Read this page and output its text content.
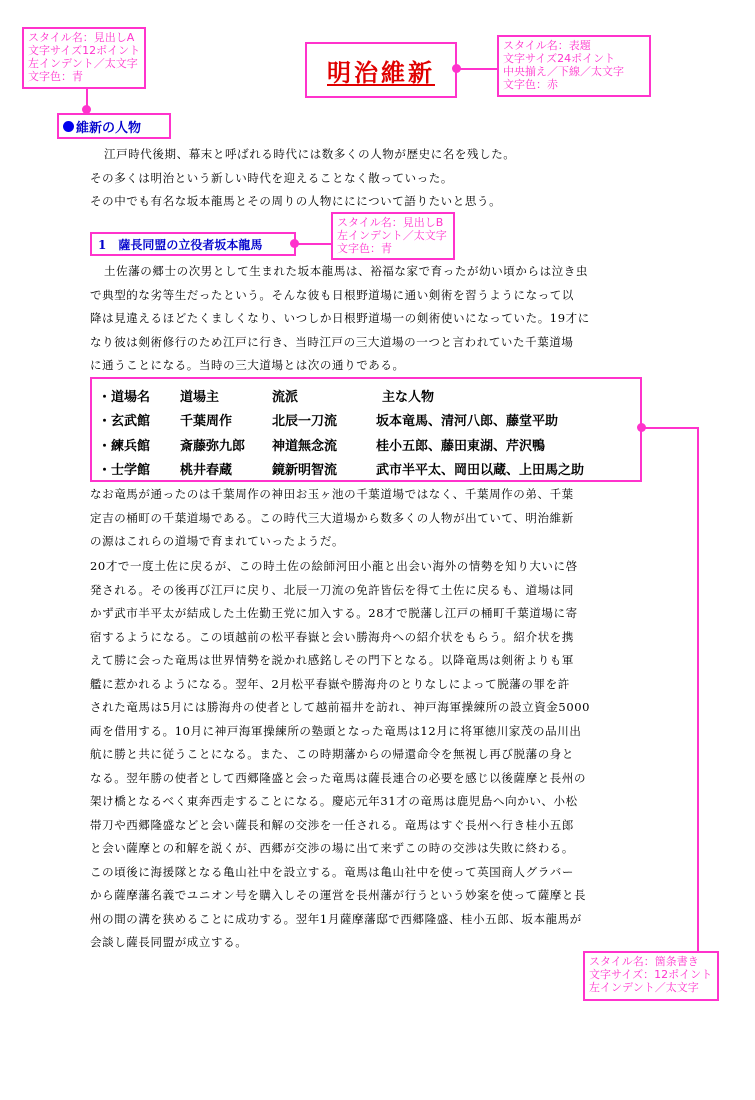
スタイル名：見出しA
文字サイズ12ポイント
左インデント／太文字
文字色：青	明治維新
スタイル名：表題
文字サイズ24ポイント
中央揃え／下線／太文字
文字色：赤
維新の人物
江戸時代後期、幕末と呼ばれる時代には数多くの人物が歴史に名を残した。
その多くは明治という新しい時代を迎えることなく散っていった。
その中でも有名な坂本龍馬とその周りの人物ににについて語りたいと思う。
1　薩長同盟の立役者坂本龍馬
スタイル名：見出しB
左インデント／太文字
文字色：青
土佐藩の郷士の次男として生まれた坂本龍馬は、裕福な家で育ったが幼い頃からは泣き虫
で典型的な劣等生だったという。そんな彼も日根野道場に通い剣術を習うようになって以
降は見違えるほどたくましくなり、いつしか日根野道場一の剣術使いになっていた。19才に
なり彼は剣術修行のため江戸に行き、当時江戸の三大道場の一つと言われていた千葉道場
に通うことになる。当時の三大道場とは次の通りである。
・道場名	道場主	流派	主な人物
・玄武館	千葉周作	北辰一刀流	坂本竜馬、清河八郎、藤堂平助
・練兵館	斎藤弥九郎	神道無念流	桂小五郎、藤田東湖、芹沢鴨
・士学館	桃井春蔵	鏡新明智流	武市半平太、岡田以蔵、上田馬之助
なお竜馬が通ったのは千葉周作の神田お玉ヶ池の千葉道場ではなく、千葉周作の弟、千葉
定吉の桶町の千葉道場である。この時代三大道場から数多くの人物が出ていて、明治維新
の源はこれらの道場で育まれていったようだ。
20才で一度土佐に戻るが、この時土佐の絵師河田小龍と出会い海外の情勢を知り大いに啓
発される。その後再び江戸に戻り、北辰一刀流の免許皆伝を得て土佐に戻るも、道場は同
かず武市半平太が結成した土佐勤王党に加入する。28才で脱藩し江戸の桶町千葉道場に寄
宿するようになる。この頃越前の松平春嶽と会い勝海舟への紹介状をもらう。紹介状を携
えて勝に会った竜馬は世界情勢を説かれ感銘しその門下となる。以降竜馬は剣術よりも軍
艦に惹かれるようになる。翌年、2月松平春嶽や勝海舟のとりなしによって脱藩の罪を許
された竜馬は5月には勝海舟の使者として越前福井を訪れ、神戸海軍操練所の設立資金5000
両を借用する。10月に神戸海軍操練所の塾頭となった竜馬は12月に将軍徳川家茂の品川出
航に勝と共に従うことになる。また、この時期藩からの帰還命令を無視し再び脱藩の身と
なる。翌年勝の使者として西郷隆盛と会った竜馬は薩長連合の必要を感じ以後薩摩と長州の
架け橋となるべく東奔西走することになる。慶応元年31才の竜馬は鹿児島へ向かい、小松
帯刀や西郷隆盛などと会い薩長和解の交渉を一任される。竜馬はすぐ長州へ行き桂小五郎
と会い薩摩との和解を説くが、西郷が交渉の場に出て来ずこの時の交渉は失敗に終わる。
この頃後に海援隊となる亀山社中を設立する。竜馬は亀山社中を使って英国商人グラバー
から薩摩藩名義でユニオン号を購入しその運営を長州藩が行うという妙案を使って薩摩と長
州の間の溝を狭めることに成功する。翌年1月薩摩藩邸で西郷隆盛、桂小五郎、坂本龍馬が
会談し薩長同盟が成立する。
スタイル名：箇条書き
文字サイズ：12ポイント
左インデント／太文字
